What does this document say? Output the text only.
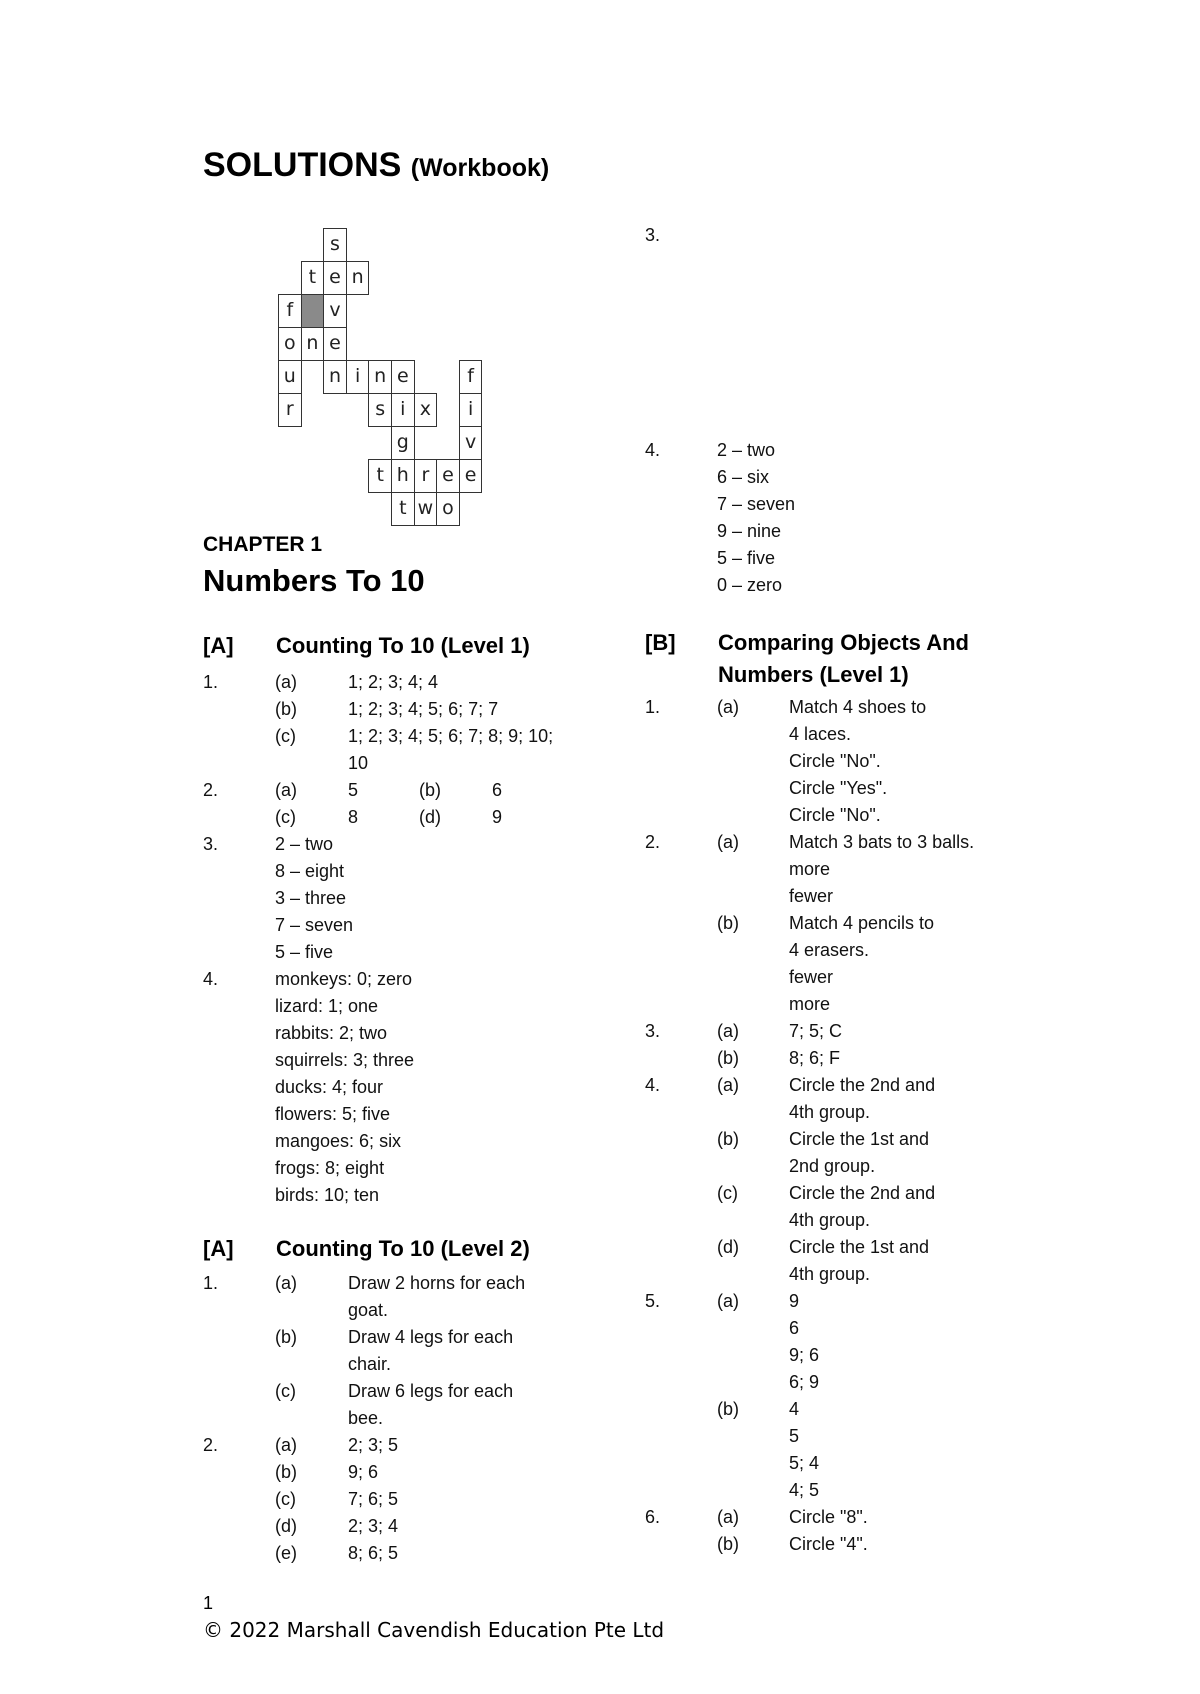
SOLUTIONS (Workbook)
s
t e n
f	v
o n e
u	n i n e	f
r	s i x	i
g	v
t h r e e
t w o
CHAPTER 1
Numbers To 10
[A] Counting To 10 (Level 1)
[A] Counting To 10 (Level 2)
[B] Comparing Objects And
Numbers (Level 1)
3.
4.	2 – two
6 – six
7 – seven
9 – nine
5 – five
0 – zero
1.	(a)	1; 2; 3; 4; 4
(b)	1; 2; 3; 4; 5; 6; 7; 7
(c)	1; 2; 3; 4; 5; 6; 7; 8; 9; 10;
10
2.	(a)	5	(b)	6
(c)	8	(d)	9
3.	2 – two
8 – eight
3 – three
7 – seven
5 – five
4.	monkeys: 0; zero
lizard: 1; one
rabbits: 2; two
squirrels: 3; three
ducks: 4; four
flowers: 5; five
mangoes: 6; six
frogs: 8; eight
birds: 10; ten
1.	(a)	Draw 2 horns for each
goat.
(b)	Draw 4 legs for each
chair.
(c)	Draw 6 legs for each
bee.
2.	(a)	2; 3; 5
(b)	9; 6
(c)	7; 6; 5
(d)	2; 3; 4
(e)	8; 6; 5
1.	(a)	Match 4 shoes to
4 laces.
Circle "No".
Circle "Yes".
Circle "No".
2.	(a)	Match 3 bats to 3 balls.
more
fewer
(b)	Match 4 pencils to
4 erasers.
fewer
more
3.	(a)	7; 5; C
(b)	8; 6; F
4.	(a)	Circle the 2nd and
4th group.
(b)	Circle the 1st and
2nd group.
(c)	Circle the 2nd and
4th group.
(d)	Circle the 1st and
4th group.
5.	(a)	9
6
9; 6
6; 9
(b)	4
5
5; 4
4; 5
6.	(a)	Circle "8".
(b)	Circle "4".
1
© 2022 Marshall Cavendish Education Pte Ltd
